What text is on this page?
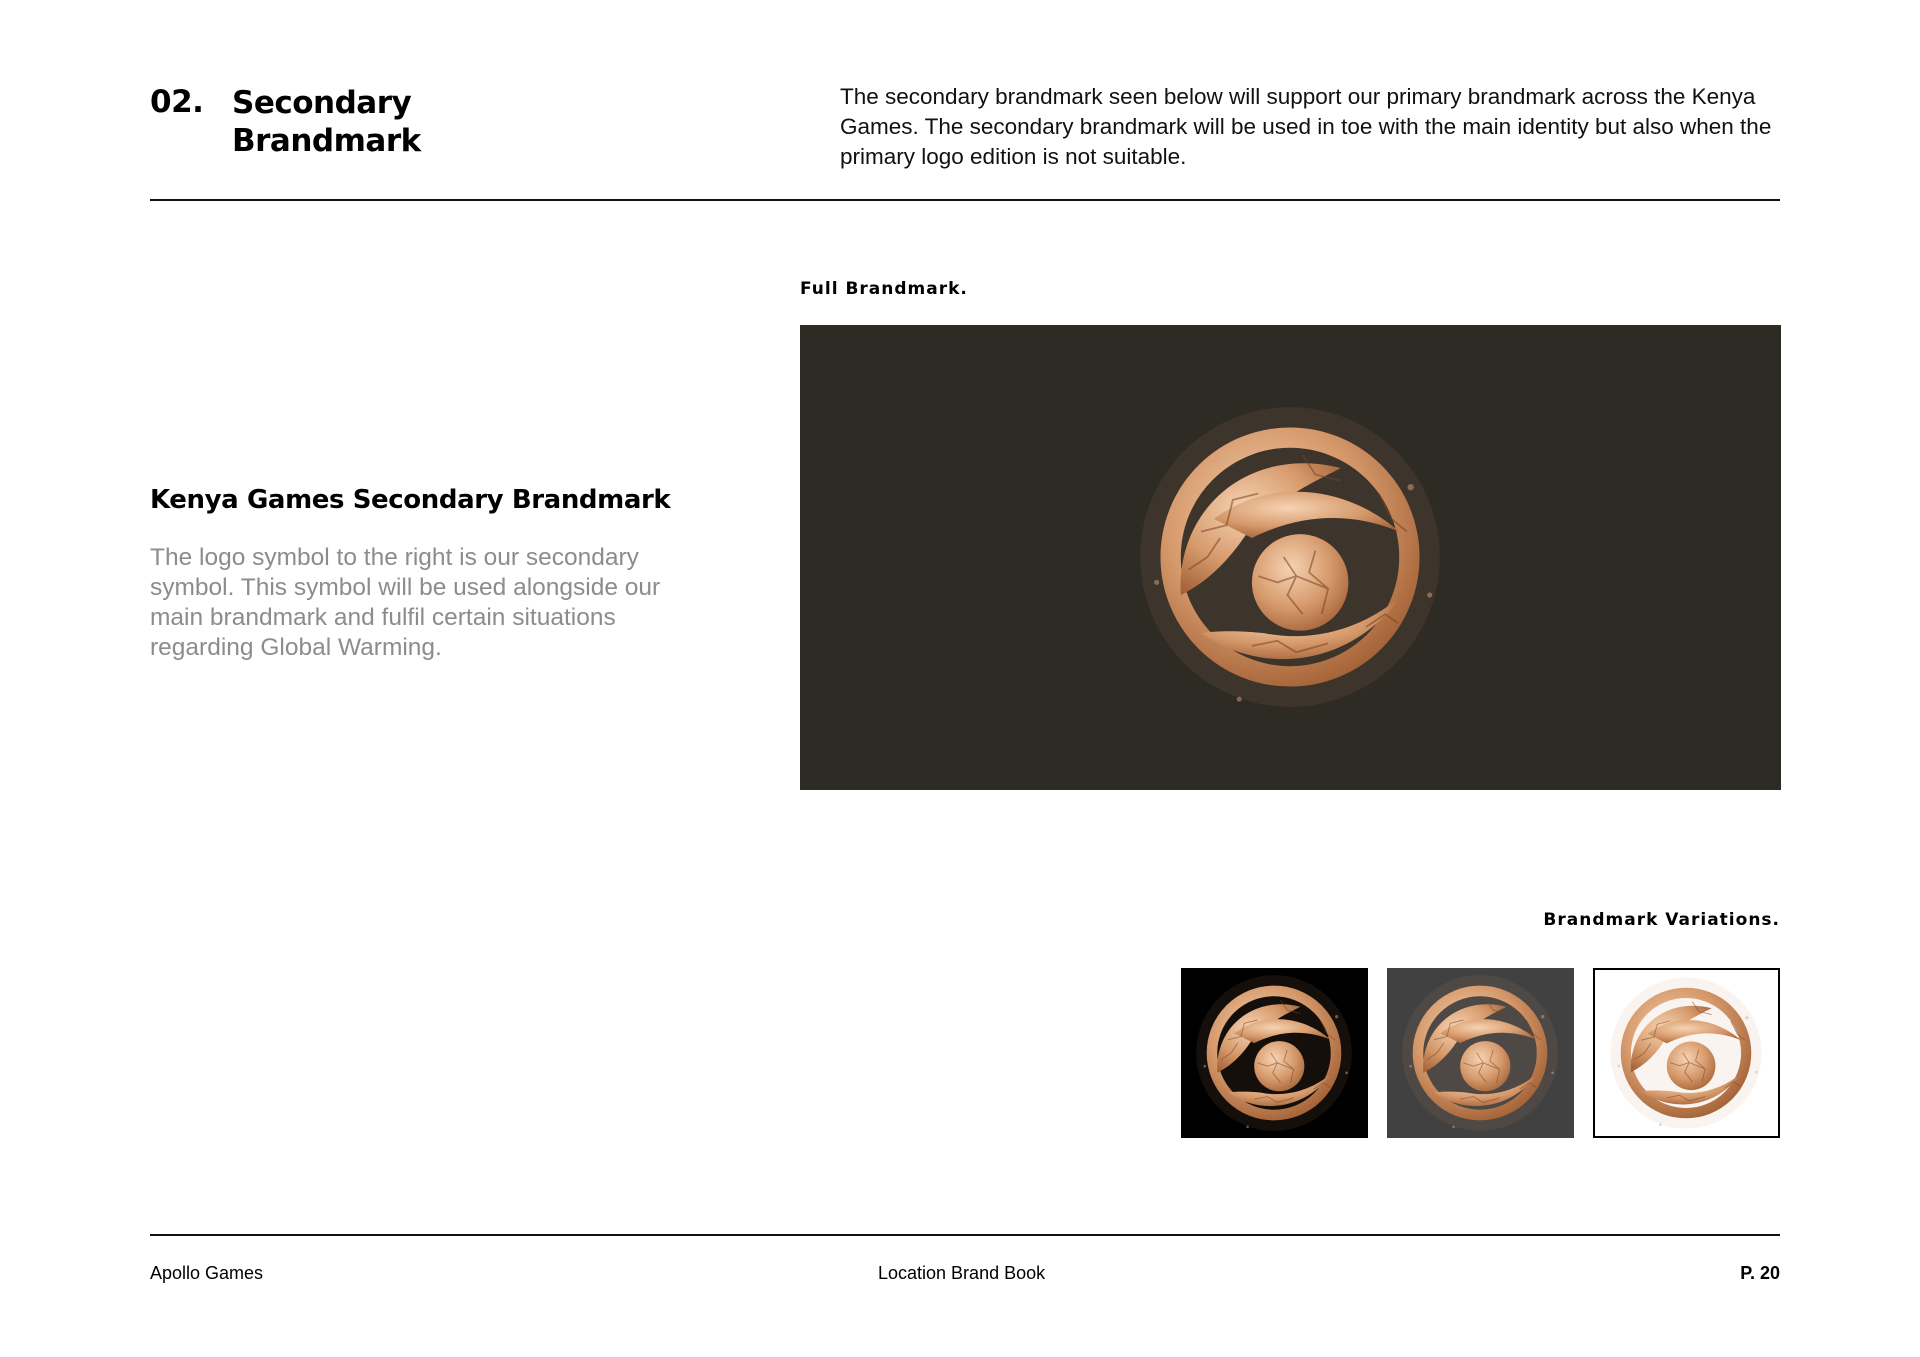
02. Secondary
Brandmark
The secondary brandmark seen below will support our primary brandmark across the Kenya Games. The secondary brandmark will be used in toe with the main identity but also when the primary logo edition is not suitable.
Full Brandmark.
Kenya Games Secondary Brandmark
The logo symbol to the right is our secondary symbol. This symbol will be used alongside our main brandmark and fulfil certain situations regarding Global Warming.
Brandmark Variations.
Apollo Games	Location Brand Book	P. 20
